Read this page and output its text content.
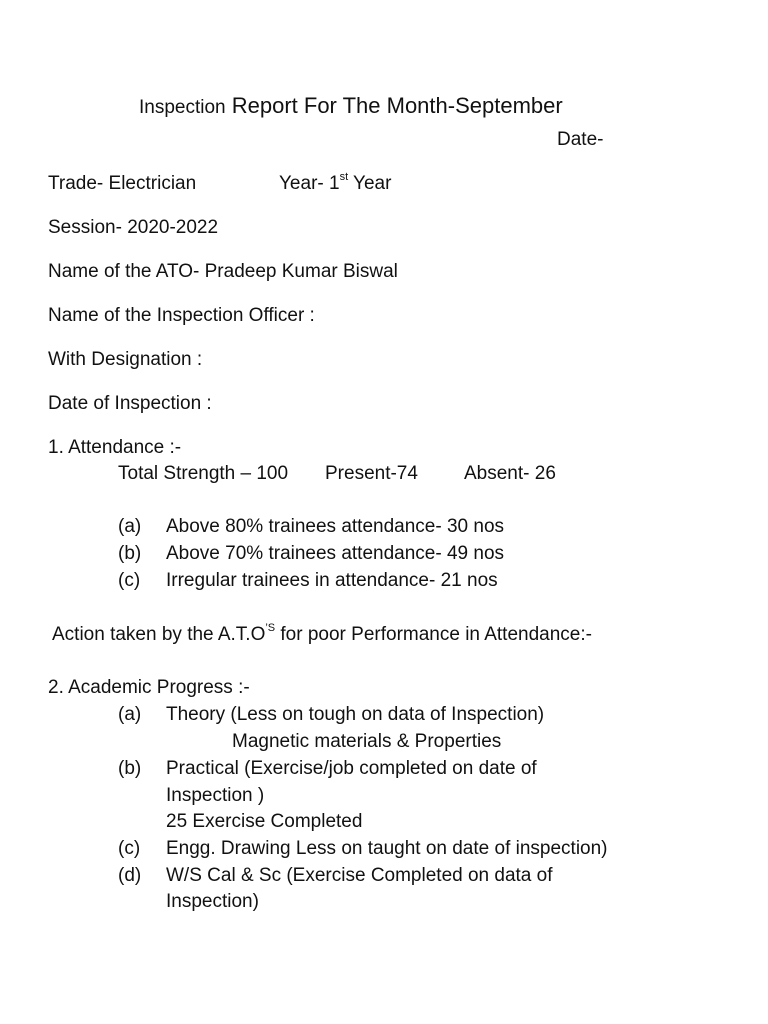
Inspection Report For The Month-September
Date-
Trade- Electrician	Year- 1st Year
Session- 2020-2022
Name of the ATO- Pradeep Kumar Biswal
Name of the Inspection Officer :
With Designation :
Date of Inspection :
1. Attendance :-
Total Strength – 100 Present-74 Absent- 26
(a) Above 80% trainees attendance- 30 nos
(b) Above 70% trainees attendance- 49 nos
(c) Irregular trainees in attendance- 21 nos
Action taken by the $A.T.O^{’S}$ for poor Performance in Attendance:-
2. Academic Progress :-
(a) Theory (Less on tough on data of Inspection)
Magnetic materials & Properties
(b) Practical (Exercise/job completed on date of
Inspection )
25 Exercise Completed
(c) Engg. Drawing Less on taught on date of inspection)
(d) W/S Cal & Sc (Exercise Completed on data of
Inspection)
